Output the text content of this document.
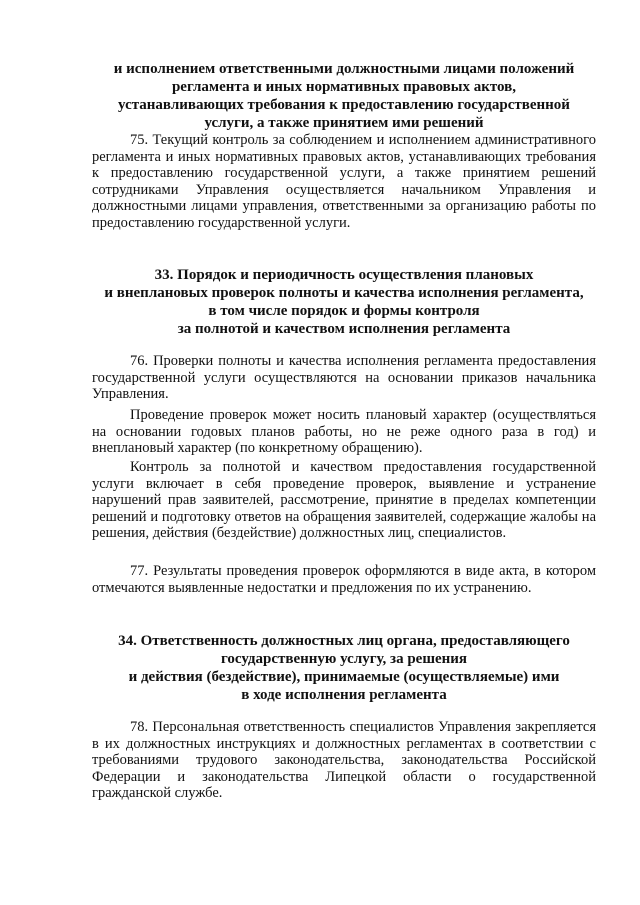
и исполнением ответственными должностными лицами положений
регламента и иных нормативных правовых актов,
устанавливающих требования к предоставлению государственной
услуги, а также принятием ими решений

75. Текущий контроль за соблюдением и исполнением административного регламента и иных нормативных правовых актов, устанавливающих требования к предоставлению государственной услуги, а также принятием решений сотрудниками Управления осуществляется начальником Управления и должностными лицами управления, ответственными за организацию работы по предоставлению государственной услуги.

33. Порядок и периодичность осуществления плановых
и внеплановых проверок полноты и качества исполнения регламента,
в том числе порядок и формы контроля
за полнотой и качеством исполнения регламента

76. Проверки полноты и качества исполнения регламента предоставления государственной услуги осуществляются на основании приказов начальника Управления.

Проведение проверок может носить плановый характер (осуществляться на основании годовых планов работы, но не реже одного раза в год) и внеплановый характер (по конкретному обращению).

Контроль за полнотой и качеством предоставления государственной услуги включает в себя проведение проверок, выявление и устранение нарушений прав заявителей, рассмотрение, принятие в пределах компетенции решений и подготовку ответов на обращения заявителей, содержащие жалобы на решения, действия (бездействие) должностных лиц, специалистов.

77. Результаты проведения проверок оформляются в виде акта, в котором отмечаются выявленные недостатки и предложения по их устранению.

34. Ответственность должностных лиц органа, предоставляющего
государственную услугу, за решения
и действия (бездействие), принимаемые (осуществляемые) ими
в ходе исполнения регламента

78. Персональная ответственность специалистов Управления закрепляется в их должностных инструкциях и должностных регламентах в соответствии с требованиями трудового законодательства, законодательства Российской Федерации и законодательства Липецкой области о государственной гражданской службе.
